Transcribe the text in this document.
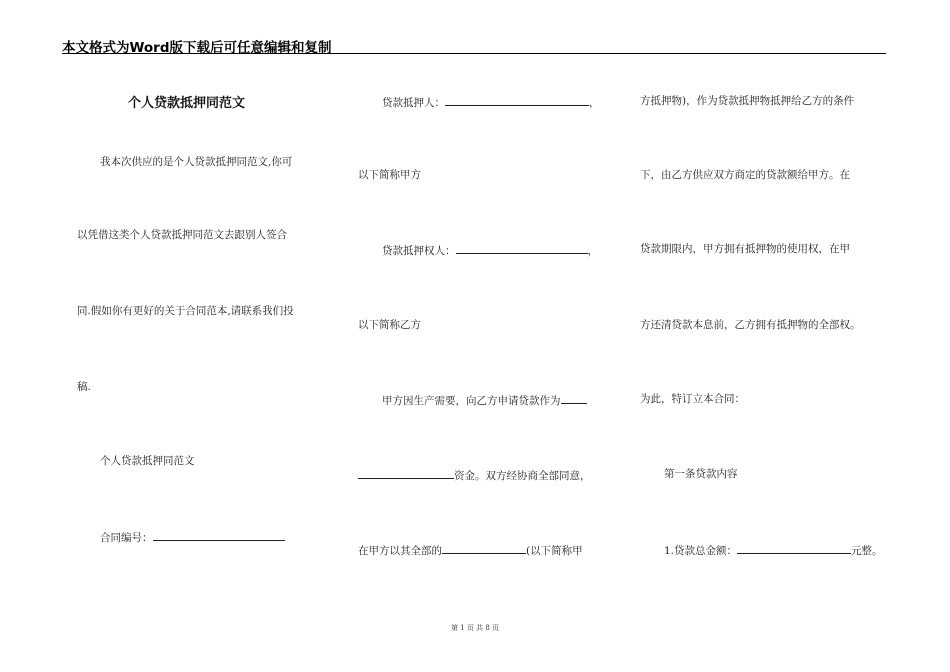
本文格式为Word版下载后可任意编辑和复制
个人贷款抵押同范文
我本次供应的是个人贷款抵押同范文,你可
以凭借这类个人贷款抵押同范文去跟别人签合
同.假如你有更好的关于合同范本,请联系我们投
稿.
个人贷款抵押同范文
合同编号：
贷款抵押人：	，
以下简称甲方
贷款抵押权人：	，
以下简称乙方
甲方因生产需要，向乙方申请贷款作为
资金。双方经协商全部同意，
在甲方以其全部的	(以下简称甲
方抵押物)，作为贷款抵押物抵押给乙方的条件
下，由乙方供应双方商定的贷款额给甲方。在
贷款期限内，甲方拥有抵押物的使用权，在甲
方还清贷款本息前，乙方拥有抵押物的全部权。
为此，特订立本合同：
第一条贷款内容
1.贷款总金额：	元整。
第 1 页 共 8 页
